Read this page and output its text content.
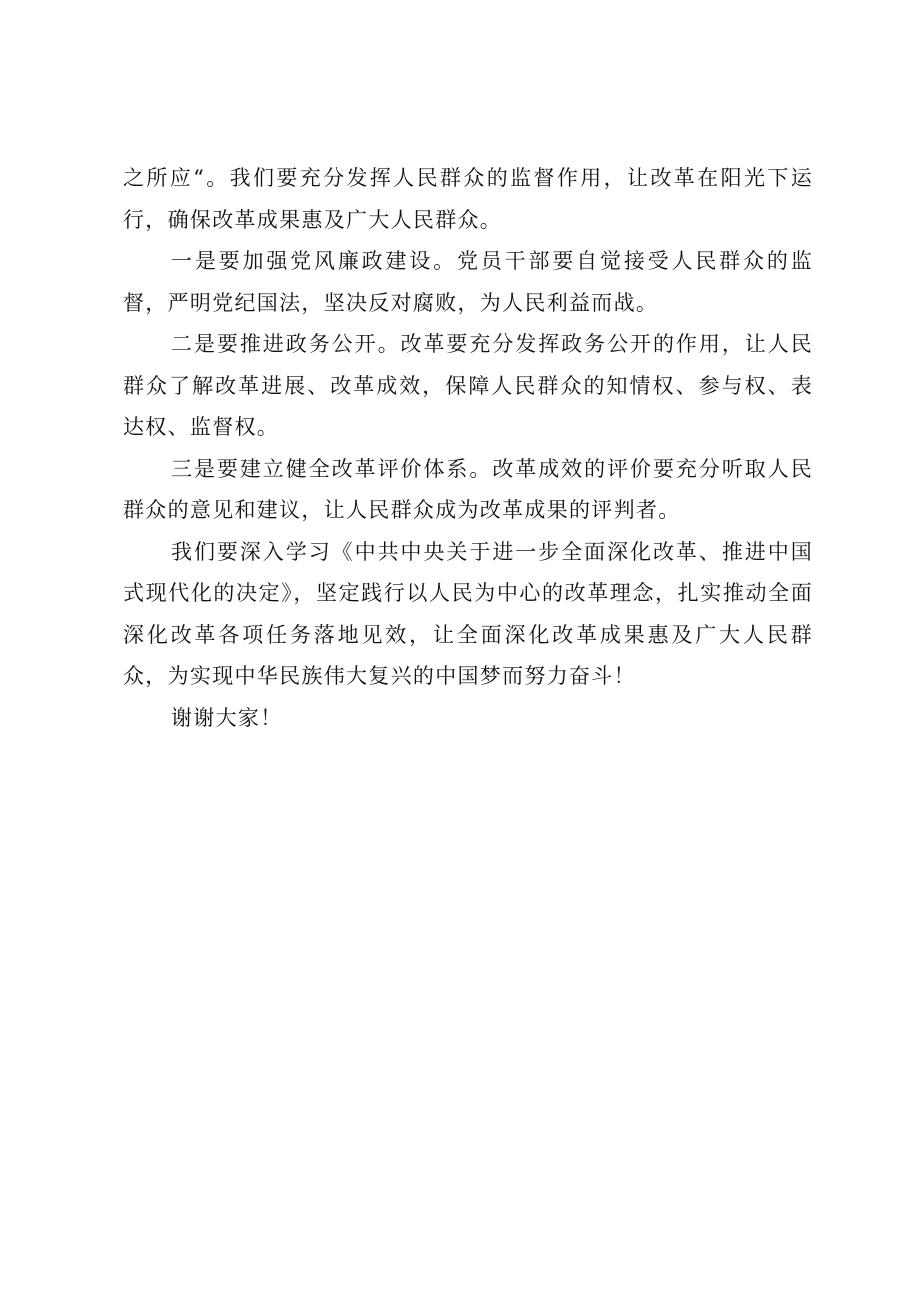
之所应“。我们要充分发挥人民群众的监督作用，让改革在阳光下运行，确保改革成果惠及广大人民群众。

一是要加强党风廉政建设。党员干部要自觉接受人民群众的监督，严明党纪国法，坚决反对腐败，为人民利益而战。

二是要推进政务公开。改革要充分发挥政务公开的作用，让人民群众了解改革进展、改革成效，保障人民群众的知情权、参与权、表达权、监督权。

三是要建立健全改革评价体系。改革成效的评价要充分听取人民群众的意见和建议，让人民群众成为改革成果的评判者。

我们要深入学习《中共中央关于进一步全面深化改革、推进中国式现代化的决定》，坚定践行以人民为中心的改革理念，扎实推动全面深化改革各项任务落地见效，让全面深化改革成果惠及广大人民群众，为实现中华民族伟大复兴的中国梦而努力奋斗！

谢谢大家！
